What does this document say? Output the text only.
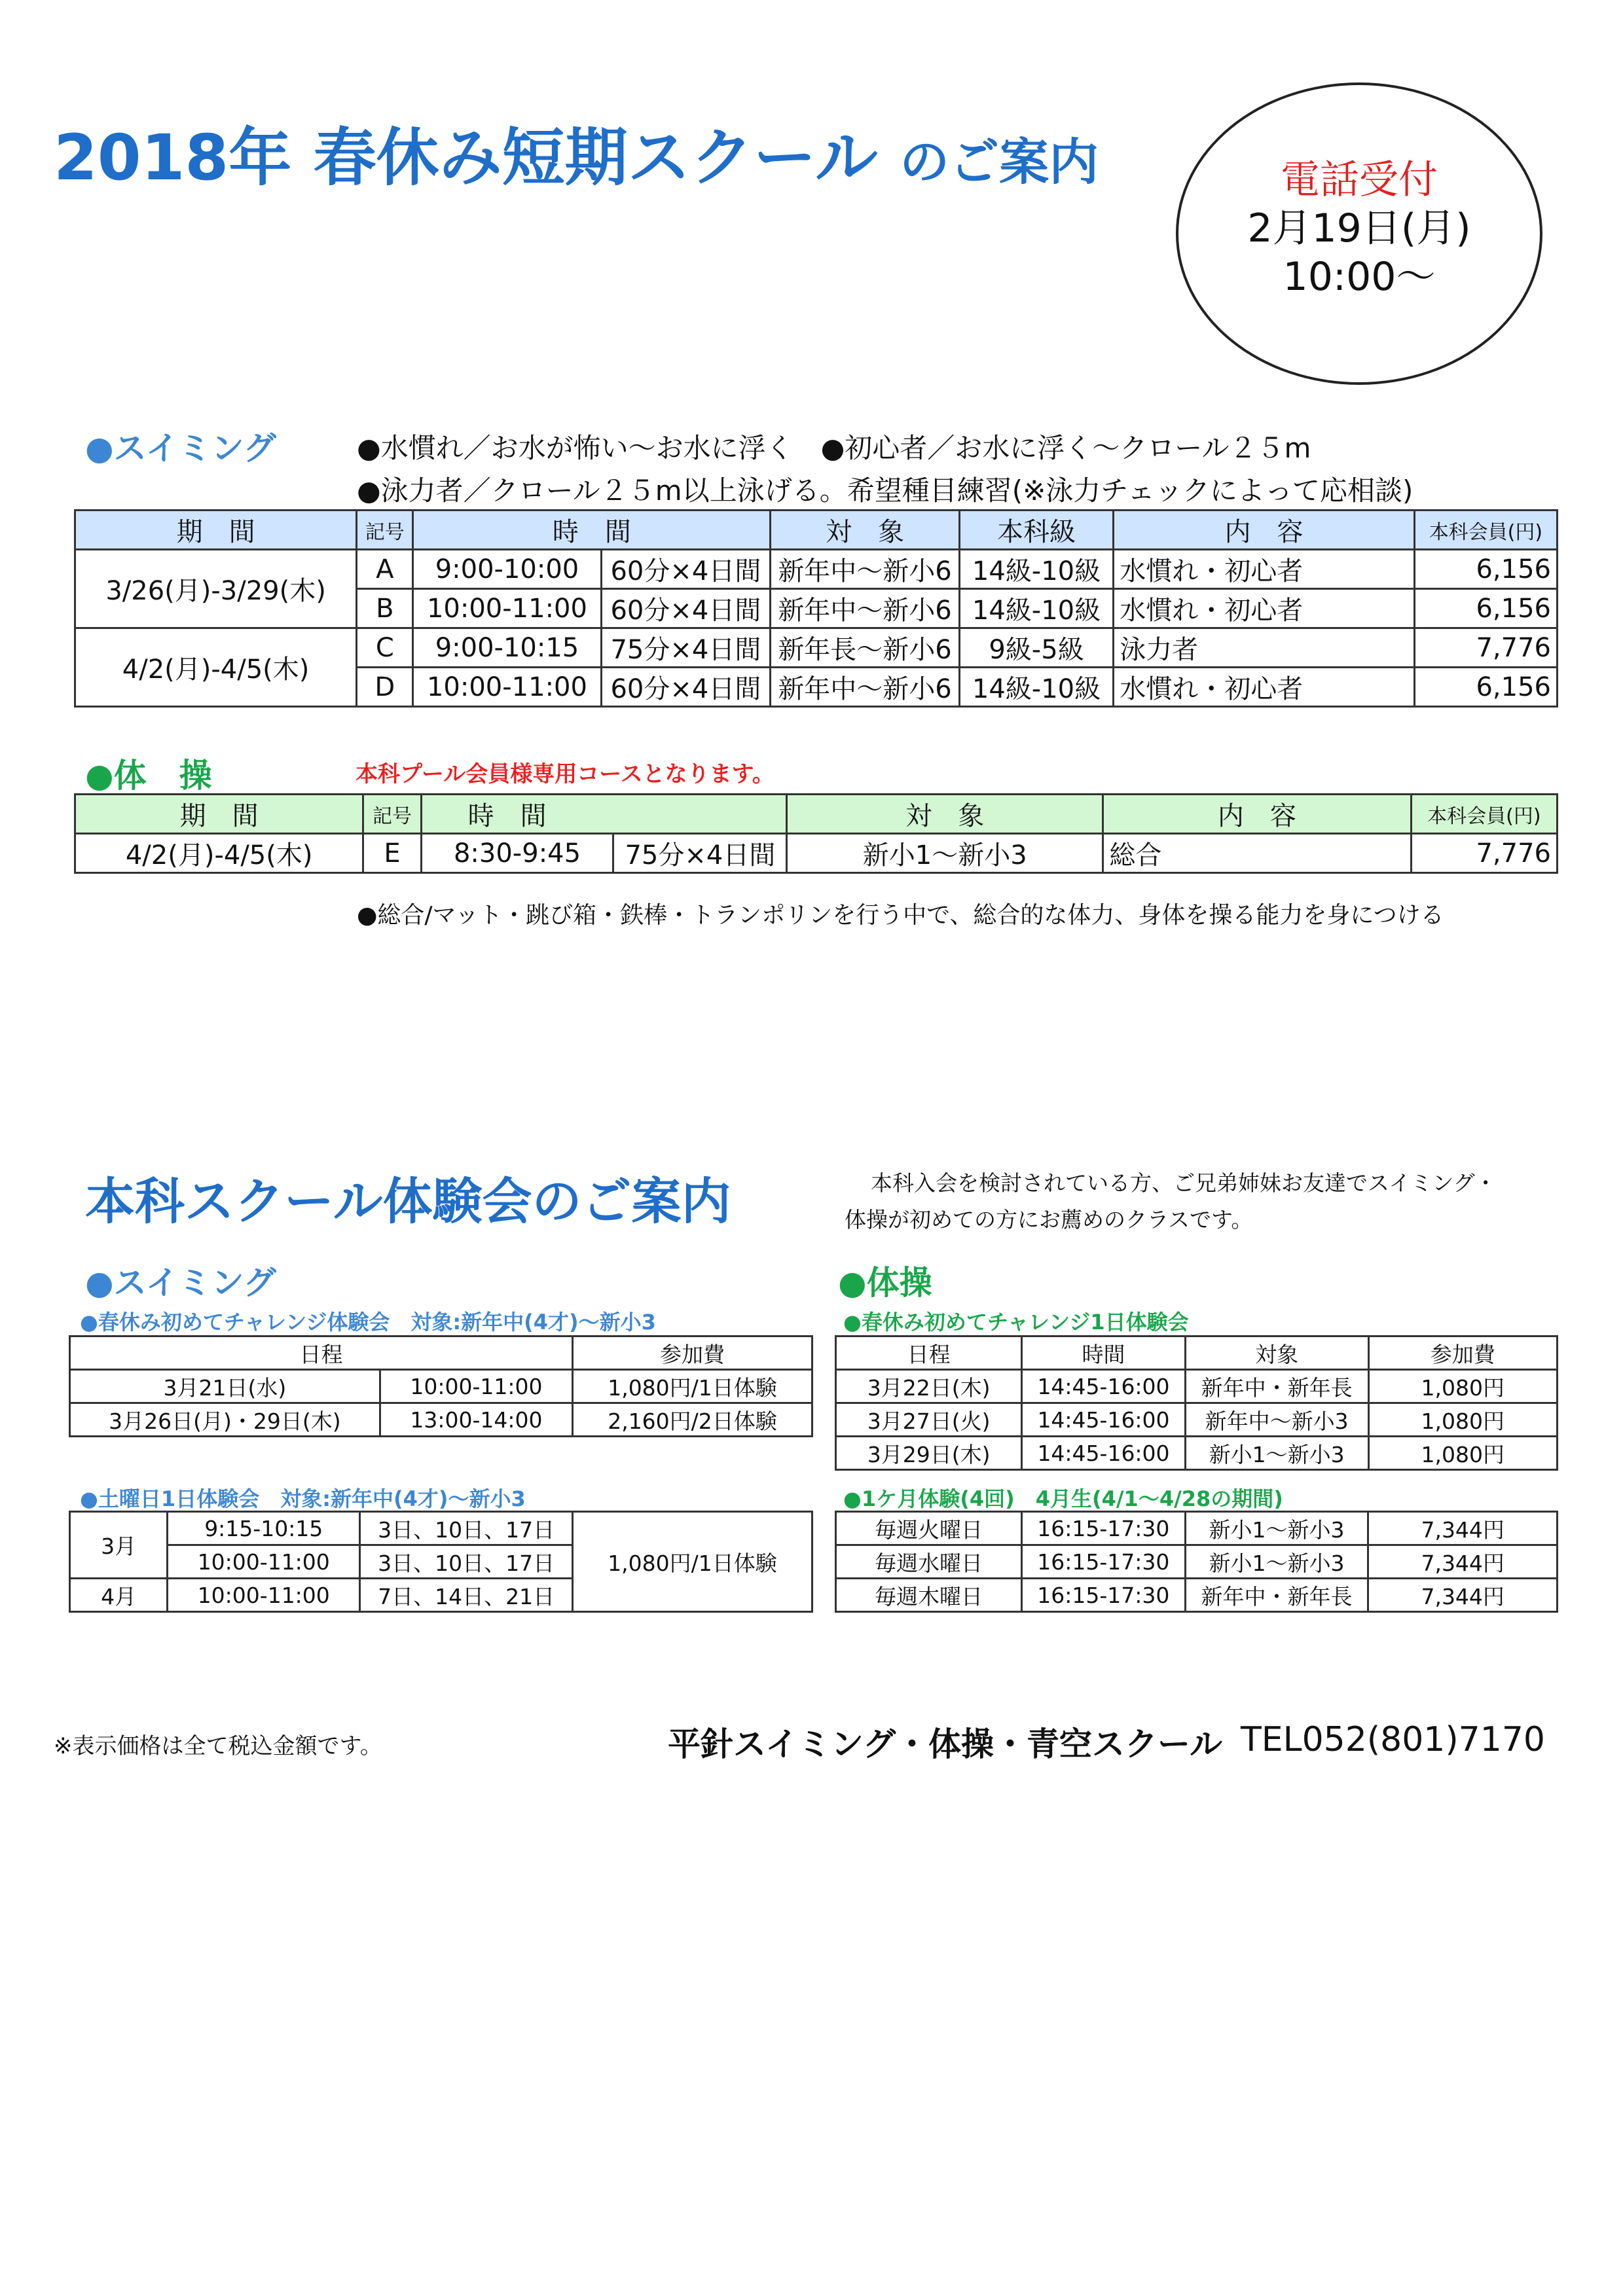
2018年 春休み短期スクール のご案内	電話受付
2月19日(月)
10:00～
●スイミング	●水慣れ／お水が怖い～お水に浮く　●初心者／お水に浮く～クロール２５m
●泳力者／クロール２５m以上泳げる。希望種目練習(※泳力チェックによって応相談)
期　間	記号	時　間		対　象	本科級	内　容	本科会員(円)
3/26(月)-3/29(木)	A	9:00-10:00	60分×4日間	新年中～新小6	14級-10級	水慣れ・初心者	6,156
	B	10:00-11:00	60分×4日間	新年中～新小6	14級-10級	水慣れ・初心者	6,156
4/2(月)-4/5(木)	C	9:00-10:15	75分×4日間	新年長～新小6	9級-5級	泳力者	7,776
	D	10:00-11:00	60分×4日間	新年中～新小6	14級-10級	水慣れ・初心者	6,156
●体　操	本科プール会員様専用コースとなります。
期　間	記号	時　間		対　象	内　容	本科会員(円)
4/2(月)-4/5(木)	E	8:30-9:45	75分×4日間	新小1～新小3	総合	7,776
●総合/マット・跳び箱・鉄棒・トランポリンを行う中で、総合的な体力、身体を操る能力を身につける
本科スクール体験会のご案内	本科入会を検討されている方、ご兄弟姉妹お友達でスイミング・
体操が初めての方にお薦めのクラスです。
●スイミング
●春休み初めてチャレンジ体験会　対象:新年中(4才)～新小3
日程		参加費
3月21日(水)	10:00-11:00	1,080円/1日体験
3月26日(月)・29日(木)	13:00-14:00	2,160円/2日体験
●土曜日1日体験会　対象:新年中(4才)～新小3
3月	9:15-10:15	3日、10日、17日	1,080円/1日体験
	10:00-11:00	3日、10日、17日	
4月	10:00-11:00	7日、14日、21日	
●体操
●春休み初めてチャレンジ1日体験会
日程	時間	対象	参加費
3月22日(木)	14:45-16:00	新年中・新年長	1,080円
3月27日(火)	14:45-16:00	新年中～新小3	1,080円
3月29日(木)	14:45-16:00	新小1～新小3	1,080円
●1ケ月体験(4回)　4月生(4/1～4/28の期間)
毎週火曜日	16:15-17:30	新小1～新小3	7,344円
毎週水曜日	16:15-17:30	新小1～新小3	7,344円
毎週木曜日	16:15-17:30	新年中・新年長	7,344円
※表示価格は全て税込金額です。	平針スイミング・体操・青空スクール TEL052(801)7170
